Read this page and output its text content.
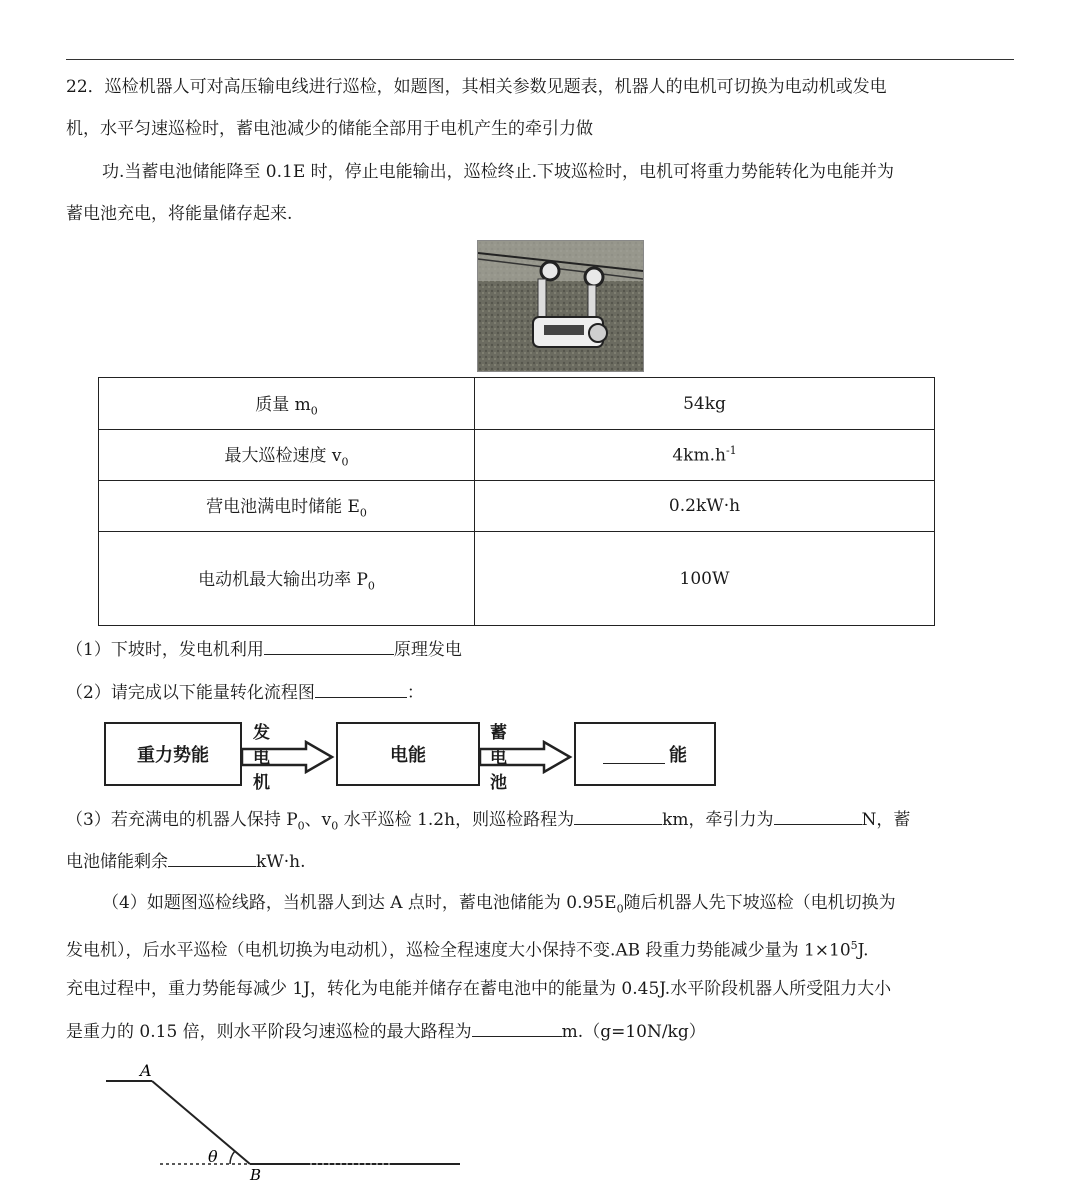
22．巡检机器人可对高压输电线进行巡检，如题图，其相关参数见题表，机器人的电机可切换为电动机或发电
机，水平匀速巡检时，蓄电池减少的储能全部用于电机产生的牵引力做
功.当蓄电池储能降至 0.1E 时，停止电能输出，巡检终止.下坡巡检时，电机可将重力势能转化为电能并为
蓄电池充电，将能量储存起来.
质量 $m_0$	54kg
最大巡检速度 $v_0$	$4km.h^{-1}$
营电池满电时储能 $E_0$	0.2kW·h
电动机最大输出功率 $P_0$	100W
（1）下坡时，发电机利用	原理发电
（2）请完成以下能量转化流程图	：
重力势能
发电机
电能
蓄电池
能
（3）若充满电的机器人保持 $P_0$、$v_0$ 水平巡检 1.2h，则巡检路程为	km，牵引力为	N，蓄
电池储能剩余	kW·h.
（4）如题图巡检线路，当机器人到达 A 点时，蓄电池储能为 $0.95E_0$随后机器人先下坡巡检（电机切换为
发电机），后水平巡检（电机切换为电动机），巡检全程速度大小保持不变.AB 段重力势能减少量为 $1\times 10^5J$.
充电过程中，重力势能每减少 1J，转化为电能并储存在蓄电池中的能量为 0.45J.水平阶段机器人所受阻力大小
是重力的 0.15 倍，则水平阶段匀速巡检的最大路程为	m.（g=10N/kg）
A
θ
B
